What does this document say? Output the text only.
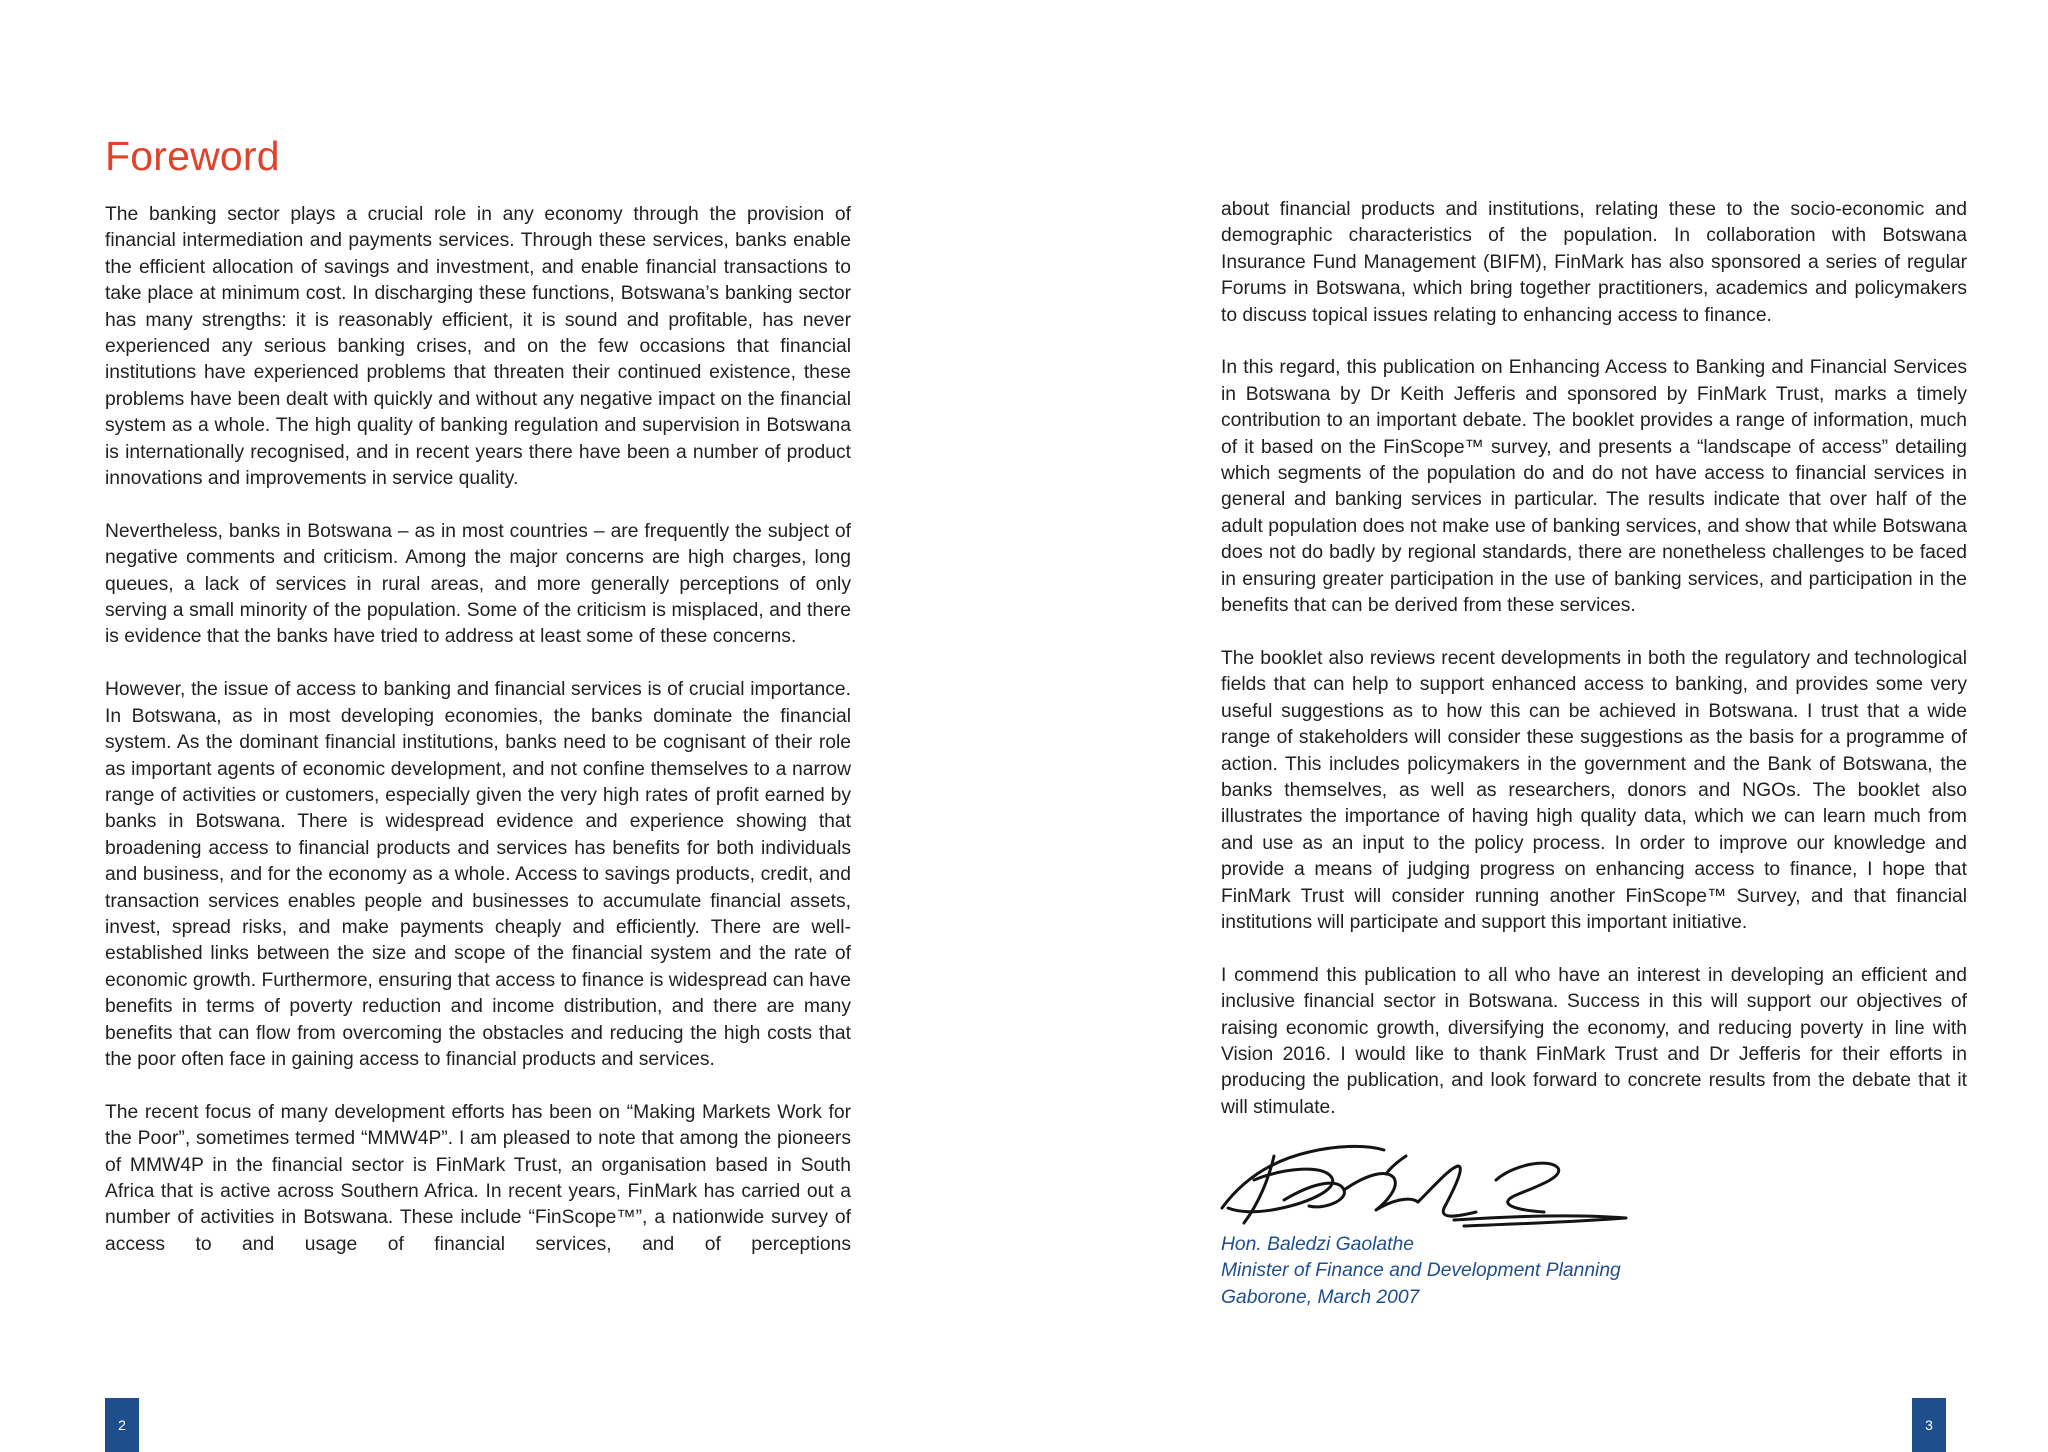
Foreword

The banking sector plays a crucial role in any economy through the provision of financial intermediation and payments services. Through these services, banks enable the efficient allocation of savings and investment, and enable financial transactions to take place at minimum cost. In discharging these functions, Botswana’s banking sector has many strengths: it is reasonably efficient, it is sound and profitable, has never experienced any serious banking crises, and on the few occasions that financial institutions have experienced problems that threaten their continued existence, these problems have been dealt with quickly and without any negative impact on the financial system as a whole. The high quality of banking regulation and supervision in Botswana is internationally recognised, and in recent years there have been a number of product innovations and improvements in service quality.

Nevertheless, banks in Botswana – as in most countries – are frequently the subject of negative comments and criticism. Among the major concerns are high charges, long queues, a lack of services in rural areas, and more generally perceptions of only serving a small minority of the population. Some of the criticism is misplaced, and there is evidence that the banks have tried to address at least some of these concerns.

However, the issue of access to banking and financial services is of crucial importance. In Botswana, as in most developing economies, the banks dominate the financial system. As the dominant financial institutions, banks need to be cognisant of their role as important agents of economic development, and not confine themselves to a narrow range of activities or customers, especially given the very high rates of profit earned by banks in Botswana. There is widespread evidence and experience showing that broadening access to financial products and services has benefits for both individuals and business, and for the economy as a whole. Access to savings products, credit, and transaction services enables people and businesses to accumulate financial assets, invest, spread risks, and make payments cheaply and efficiently. There are well-established links between the size and scope of the financial system and the rate of economic growth. Furthermore, ensuring that access to finance is widespread can have benefits in terms of poverty reduction and income distribution, and there are many benefits that can flow from overcoming the obstacles and reducing the high costs that the poor often face in gaining access to financial products and services.

The recent focus of many development efforts has been on “Making Markets Work for the Poor”, sometimes termed “MMW4P”. I am pleased to note that among the pioneers of MMW4P in the financial sector is FinMark Trust, an organisation based in South Africa that is active across Southern Africa. In recent years, FinMark has carried out a number of activities in Botswana. These include “FinScope™”, a nationwide survey of access to and usage of financial services, and of perceptions

2

about financial products and institutions, relating these to the socio-economic and demographic characteristics of the population. In collaboration with Botswana Insurance Fund Management (BIFM), FinMark has also sponsored a series of regular Forums in Botswana, which bring together practitioners, academics and policymakers to discuss topical issues relating to enhancing access to finance.

In this regard, this publication on Enhancing Access to Banking and Financial Services in Botswana by Dr Keith Jefferis and sponsored by FinMark Trust, marks a timely contribution to an important debate. The booklet provides a range of information, much of it based on the FinScope™ survey, and presents a “landscape of access” detailing which segments of the population do and do not have access to financial services in general and banking services in particular. The results indicate that over half of the adult population does not make use of banking services, and show that while Botswana does not do badly by regional standards, there are nonetheless challenges to be faced in ensuring greater participation in the use of banking services, and participation in the benefits that can be derived from these services.

The booklet also reviews recent developments in both the regulatory and technological fields that can help to support enhanced access to banking, and provides some very useful suggestions as to how this can be achieved in Botswana. I trust that a wide range of stakeholders will consider these suggestions as the basis for a programme of action. This includes policymakers in the government and the Bank of Botswana, the banks themselves, as well as researchers, donors and NGOs. The booklet also illustrates the importance of having high quality data, which we can learn much from and use as an input to the policy process. In order to improve our knowledge and provide a means of judging progress on enhancing access to finance, I hope that FinMark Trust will consider running another FinScope™ Survey, and that financial institutions will participate and support this important initiative.

I commend this publication to all who have an interest in developing an efficient and inclusive financial sector in Botswana. Success in this will support our objectives of raising economic growth, diversifying the economy, and reducing poverty in line with Vision 2016. I would like to thank FinMark Trust and Dr Jefferis for their efforts in producing the publication, and look forward to concrete results from the debate that it will stimulate.

Hon. Baledzi Gaolathe
Minister of Finance and Development Planning
Gaborone, March 2007
3
